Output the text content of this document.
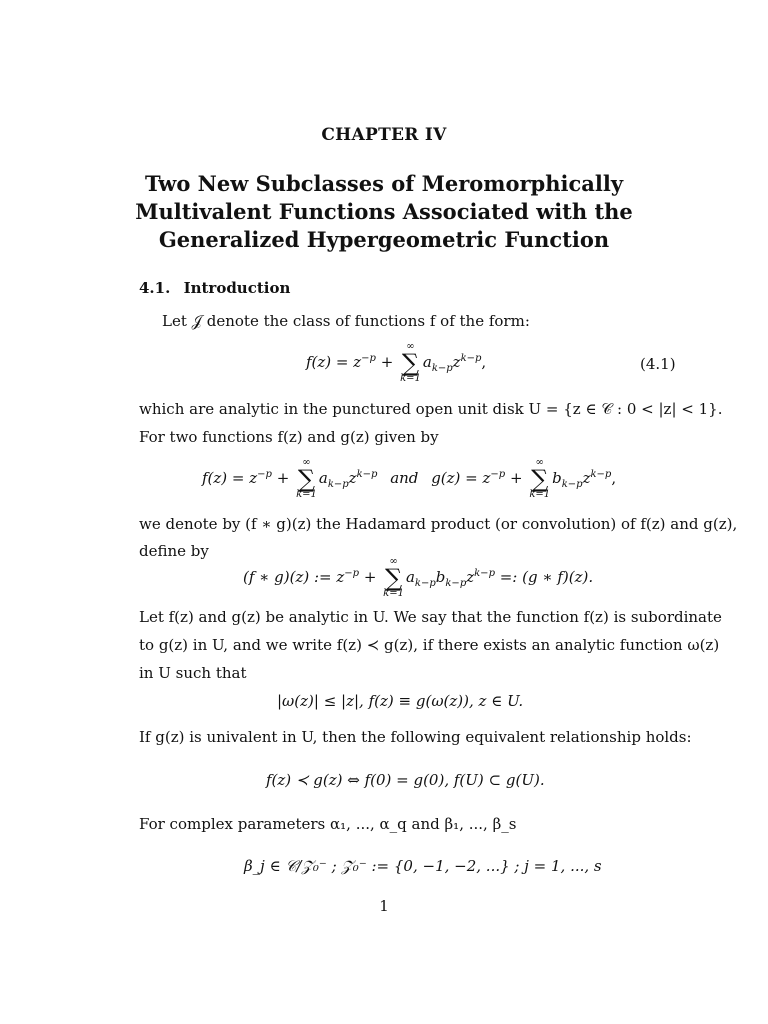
CHAPTER IV
Two New Subclasses of Meromorphically
Multivalent Functions Associated with the
Generalized Hypergeometric Function
4.1. Introduction
Let 𝒥 denote the class of functions f of the form:
$f(z) = z^{-p}$ +
∞
∑
k=1
$a_{k-p}z^{k-p}$,	(4.1)
which are analytic in the punctured open unit disk U = {z ∈ 𝒞 : 0 < |z| < 1}.
For two functions f(z) and g(z) given by
$f(z) = z^{-p}$ +
∞
∑
k=1
$a_{k-p}z^{k-p}$ and $g(z) = z^{-p}$ +
∞
∑
k=1
$b_{k-p}z^{k-p}$,
we denote by (f ∗ g)(z) the Hadamard product (or convolution) of f(z) and g(z),
define by
(f ∗ g)(z) := $z^{-p}$ +
∞
∑
k=1
$a_{k-p}b_{k-p}z^{k-p}$ =: (g ∗ f)(z).
Let f(z) and g(z) be analytic in U. We say that the function f(z) is subordinate
to g(z) in U, and we write f(z) ≺ g(z), if there exists an analytic function ω(z)
in U such that
|ω(z)| ≤ |z|, f(z) ≡ g(ω(z)), z ∈ U.
If g(z) is univalent in U, then the following equivalent relationship holds:
f(z) ≺ g(z) ⇔ f(0) = g(0), f(U) ⊂ g(U).
For complex parameters α₁, ..., α_q and β₁, ..., β_s
β_j ∈ 𝒞/𝒵₀⁻ ; 𝒵₀⁻ := {0, −1, −2, ...} ; j = 1, ..., s
1
